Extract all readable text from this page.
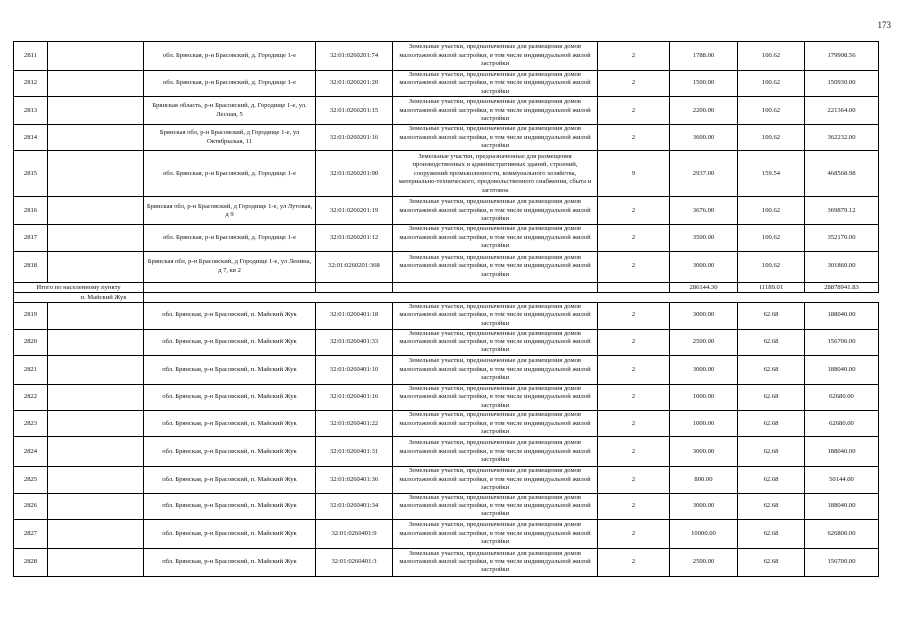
173
2811		обл. Брянская, р-н Брасовский, д. Городище 1-е	32:01:0260201:74	Земельные участки, предназначенные для размещения домов малоэтажной жилой застройки, в том числе индивидуальной жилой застройки	2	1788.00	100.62	179908.56
2812		обл. Брянская, р-н Брасовский, д. Городище 1-е	32:01:0260201:20	Земельные участки, предназначенные для размещения домов малоэтажной жилой застройки, в том числе индивидуальной жилой застройки	2	1500.00	100.62	150930.00
2813		Брянская область, р-н Брасовский, д. Городище 1-е, ул. Лесная, 5	32:01:0260201:15	Земельные участки, предназначенные для размещения домов малоэтажной жилой застройки, в том числе индивидуальной жилой застройки	2	2200.00	100.62	221364.00
2814		Брянская обл, р-н Брасовский, д Городище 1-е, ул Октябрьская, 11	32:01:0260201:16	Земельные участки, предназначенные для размещения домов малоэтажной жилой застройки, в том числе индивидуальной жилой застройки	2	3600.00	100.62	362232.00
2815		обл. Брянская, р-н Брасовский, д. Городище 1-е	32:01:0260201:90	Земельные участки, предназначенные для размещения производственных и административных зданий, строений, сооружений промышленности, коммунального хозяйства, материально-технического, продовольственного снабжения, сбыта и заготовок	9	2937.00	159.54	468568.98
2816		Брянская обл, р-н Брасовский, д Городище 1-е, ул Лутовая, д 9	32:01:0260201:19	Земельные участки, предназначенные для размещения домов малоэтажной жилой застройки, в том числе индивидуальной жилой застройки	2	3676.00	100.62	369879.12
2817		обл. Брянская, р-н Брасовский, д. Городище 1-е	32:01:0260201:12	Земельные участки, предназначенные для размещения домов малоэтажной жилой застройки, в том числе индивидуальной жилой застройки	2	3500.00	100.62	352170.00
2818		Брянская обл, р-н Брасовский, д Городище 1-е, ул Ленина, д 7, кв 2	32:01:0260201:368	Земельные участки, предназначенные для размещения домов малоэтажной жилой застройки, в том числе индивидуальной жилой застройки	2	3000.00	100.62	301860.00
Итого по населенному пункту						286144.30	11189.01	28878941.83
п. Майский Жук								
2819		обл. Брянская, р-н Брасовский, п. Майский Жук	32:01:0260401:18	Земельные участки, предназначенные для размещения домов малоэтажной жилой застройки, в том числе индивидуальной жилой застройки	2	3000.00	62.68	188040.00
2820		обл. Брянская, р-н Брасовский, п. Майский Жук	32:01:0260401:33	Земельные участки, предназначенные для размещения домов малоэтажной жилой застройки, в том числе индивидуальной жилой застройки	2	2500.00	62.68	156700.00
2821		обл. Брянская, р-н Брасовский, п. Майский Жук	32:01:0260401:10	Земельные участки, предназначенные для размещения домов малоэтажной жилой застройки, в том числе индивидуальной жилой застройки	2	3000.00	62.68	188040.00
2822		обл. Брянская, р-н Брасовский, п. Майский Жук	32:01:0260401:16	Земельные участки, предназначенные для размещения домов малоэтажной жилой застройки, в том числе индивидуальной жилой застройки	2	1000.00	62.68	62680.00
2823		обл. Брянская, р-н Брасовский, п. Майский Жук	32:01:0260401:22	Земельные участки, предназначенные для размещения домов малоэтажной жилой застройки, в том числе индивидуальной жилой застройки	2	1000.00	62.68	62680.00
2824		обл. Брянская, р-н Брасовский, п. Майский Жук	32:01:0260401:31	Земельные участки, предназначенные для размещения домов малоэтажной жилой застройки, в том числе индивидуальной жилой застройки	2	3000.00	62.68	188040.00
2825		обл. Брянская, р-н Брасовский, п. Майский Жук	32:01:0260401:36	Земельные участки, предназначенные для размещения домов малоэтажной жилой застройки, в том числе индивидуальной жилой застройки	2	800.00	62.68	50144.00
2826		обл. Брянская, р-н Брасовский, п. Майский Жук	32:01:0260401:34	Земельные участки, предназначенные для размещения домов малоэтажной жилой застройки, в том числе индивидуальной жилой застройки	2	3000.00	62.68	188040.00
2827		обл. Брянская, р-н Брасовский, п. Майский Жук	32:01:0260401:9	Земельные участки, предназначенные для размещения домов малоэтажной жилой застройки, в том числе индивидуальной жилой застройки	2	10000.00	62.68	626800.00
2828		обл. Брянская, р-н Брасовский, п. Майский Жук	32:01:0260401:3	Земельные участки, предназначенные для размещения домов малоэтажной жилой застройки, в том числе индивидуальной жилой застройки	2	2500.00	62.68	156700.00
